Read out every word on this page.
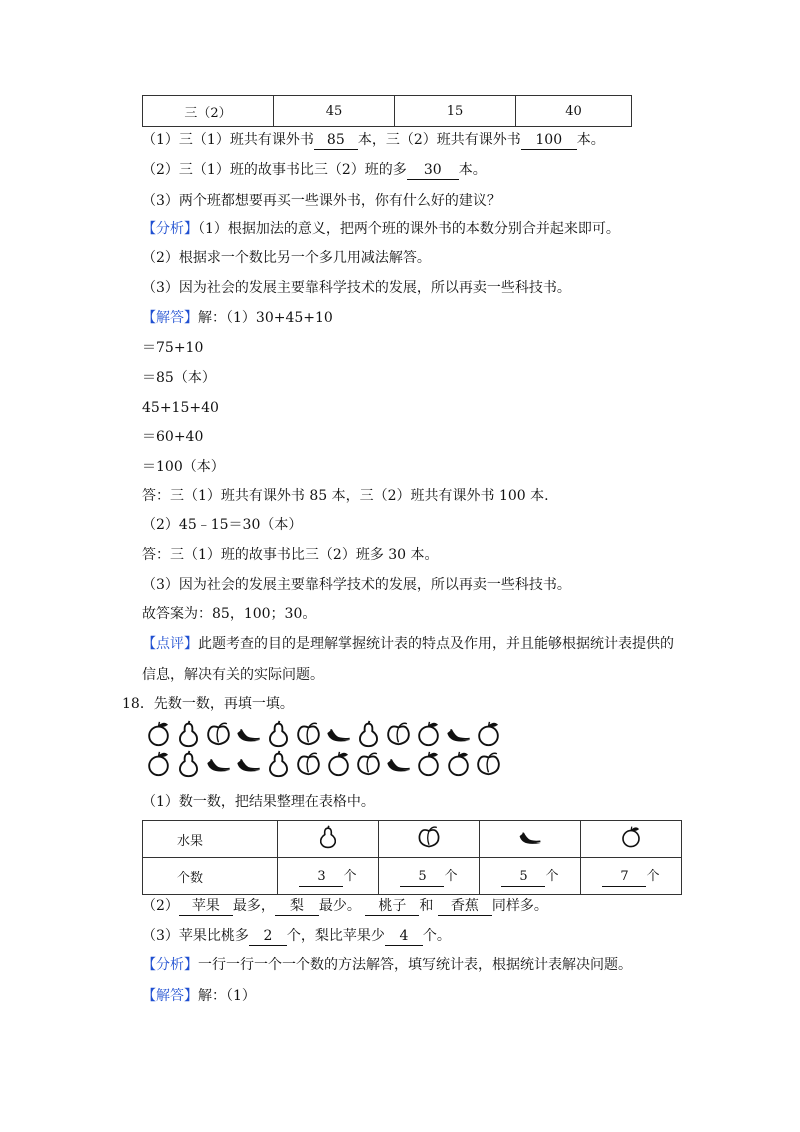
三（2）	45	15	40
（1）三（1）班共有课外书 85 本，三（2）班共有课外书 100 本。
（2）三（1）班的故事书比三（2）班的多 30 本。
（3）两个班都想要再买一些课外书，你有什么好的建议？
【分析】（1）根据加法的意义，把两个班的课外书的本数分别合并起来即可。
（2）根据求一个数比另一个多几用减法解答。
（3）因为社会的发展主要靠科学技术的发展，所以再卖一些科技书。
【解答】解：（1）30+45+10
＝75+10
＝85（本）
45+15+40
＝60+40
＝100（本）
答：三（1）班共有课外书 85 本，三（2）班共有课外书 100 本.
（2）45﹣15＝30（本）
答：三（1）班的故事书比三（2）班多 30 本。
（3）因为社会的发展主要靠科学技术的发展，所以再卖一些科技书。
故答案为：85，100；30。
【点评】此题考查的目的是理解掌握统计表的特点及作用，并且能够根据统计表提供的
信息，解决有关的实际问题。
18．先数一数，再填一填。
（1）数一数，把结果整理在表格中。
水果				
个数	3 个	5 个	5 个	7 个
（2） 苹果 最多， 梨 最少。 桃子 和 香蕉 同样多。
（3）苹果比桃多 2 个，梨比苹果少 4 个。
【分析】一行一行一个一个数的方法解答，填写统计表，根据统计表解决问题。
【解答】解：（1）
